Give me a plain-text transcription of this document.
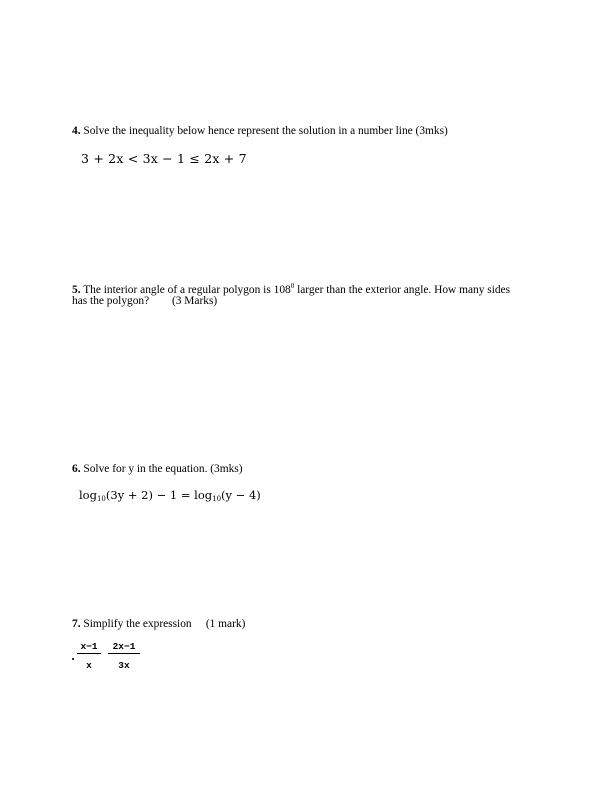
4. Solve the inequality below hence represent the solution in a number line (3mks)
3 + 2x < 3x − 1 ≤ 2x + 7
5. The interior angle of a regular polygon is $108^0$ larger than the exterior angle. How many sides
has the polygon?        (3 Marks)
6. Solve for y in the equation. (3mks)
$\log_{10}(3y + 2) - 1 = \log_{10}(y - 4)$
7. Simplify the expression     (1 mark)
$\frac{x-1}{x} \frac{2x-1}{3x}$
